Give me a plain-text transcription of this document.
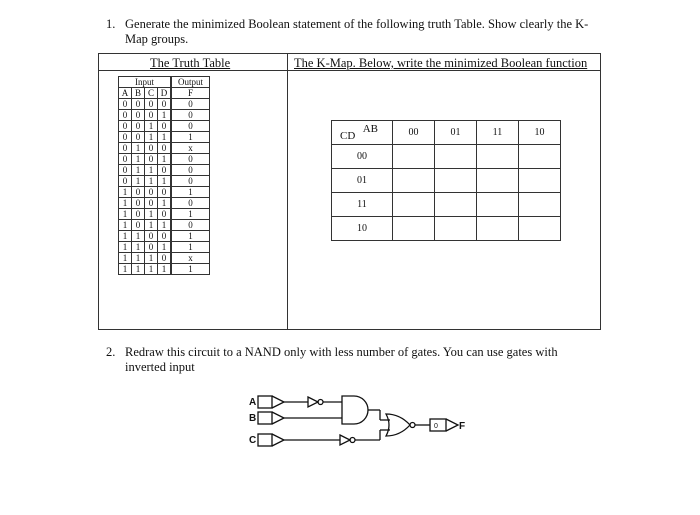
1. Generate the minimized Boolean statement of the following truth Table. Show clearly the K-Map groups.
The Truth Table	The K-Map. Below, write the minimized Boolean function
Input				Output
A	B	C	D	F
0	0	0	0	0
0	0	0	1	0
0	0	1	0	0
0	0	1	1	1
0	1	0	0	x
0	1	0	1	0
0	1	1	0	0
0	1	1	1	0
1	0	0	0	1
1	0	0	1	0
1	0	1	0	1
1	0	1	1	0
1	1	0	0	1
1	1	0	1	1
1	1	1	0	x
1	1	1	1	1
AB
CD	00	01	11	10
00				
01				
11				
10				
2. Redraw this circuit to a NAND only with less number of gates. You can use gates with inverted input
A
B
C
0 F
